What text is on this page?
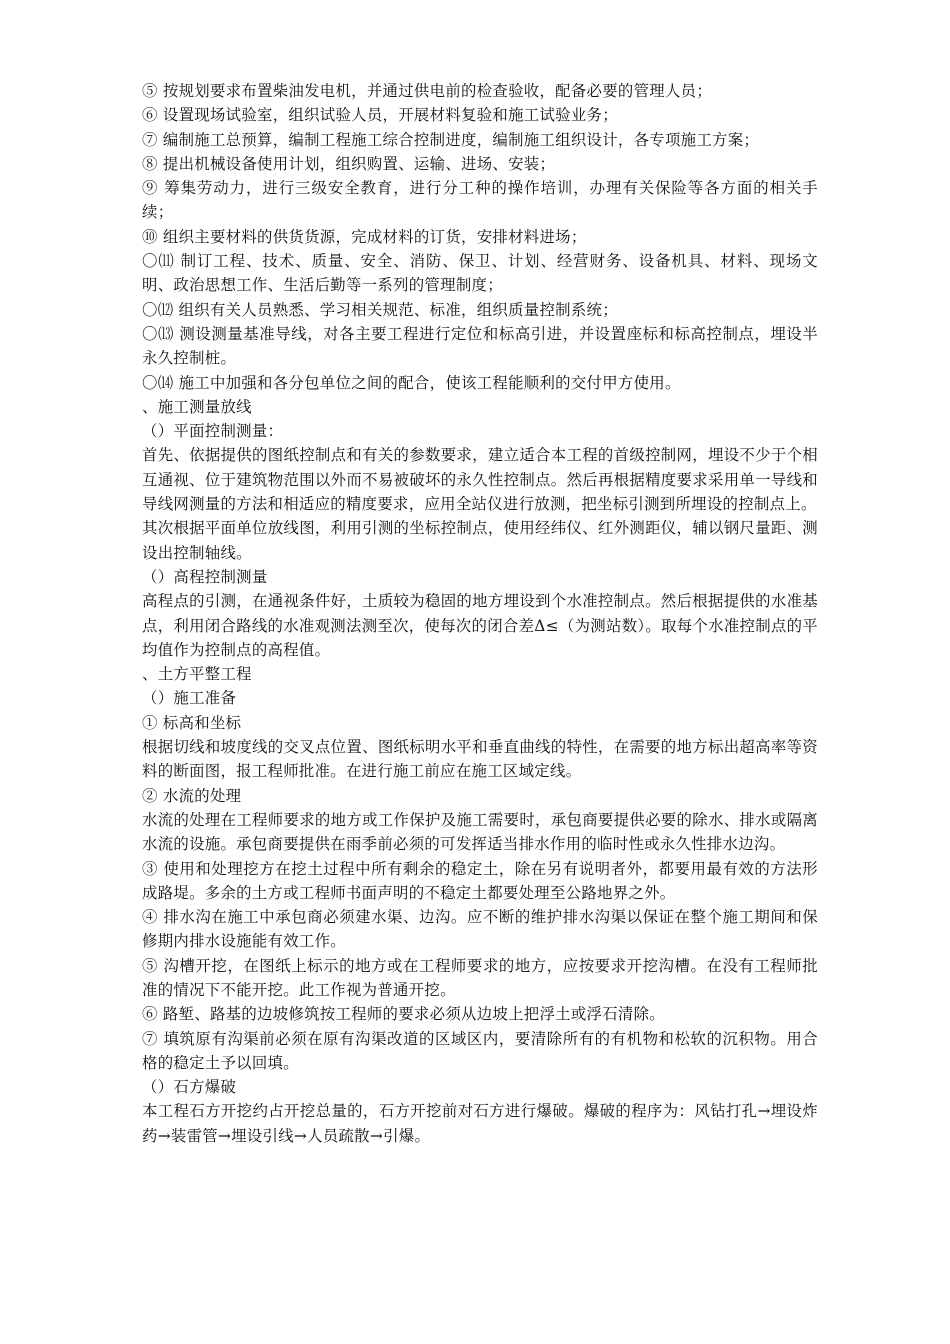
⑤ 按规划要求布置柴油发电机，并通过供电前的检查验收，配备必要的管理人员；

⑥ 设置现场试验室，组织试验人员，开展材料复验和施工试验业务；

⑦ 编制施工总预算，编制工程施工综合控制进度，编制施工组织设计，各专项施工方案；

⑧ 提出机械设备使用计划，组织购置、运输、进场、安装；

⑨ 筹集劳动力，进行三级安全教育，进行分工种的操作培训，办理有关保险等各方面的相关手续；

⑩ 组织主要材料的供货货源，完成材料的订货，安排材料进场；

〇⑾ 制订工程、技术、质量、安全、消防、保卫、计划、经营财务、设备机具、材料、现场文明、政治思想工作、生活后勤等一系列的管理制度；

〇⑿ 组织有关人员熟悉、学习相关规范、标准，组织质量控制系统；

〇⒀ 测设测量基准导线，对各主要工程进行定位和标高引进，并设置座标和标高控制点，埋设半永久控制桩。

〇⒁ 施工中加强和各分包单位之间的配合，使该工程能顺利的交付甲方使用。

、施工测量放线

（）平面控制测量：

首先、依据提供的图纸控制点和有关的参数要求，建立适合本工程的首级控制网，埋设不少于个相互通视、位于建筑物范围以外而不易被破坏的永久性控制点。然后再根据精度要求采用单一导线和导线网测量的方法和相适应的精度要求，应用全站仪进行放测，把坐标引测到所埋设的控制点上。

其次根据平面单位放线图，利用引测的坐标控制点，使用经纬仪、红外测距仪，辅以钢尺量距、测设出控制轴线。

（）高程控制测量

高程点的引测，在通视条件好，土质较为稳固的地方埋设到个水准控制点。然后根据提供的水准基点，利用闭合路线的水准观测法测至次，使每次的闭合差Δ≤（为测站数）。取每个水准控制点的平均值作为控制点的高程值。

、土方平整工程

（）施工准备

① 标高和坐标

根据切线和坡度线的交叉点位置、图纸标明水平和垂直曲线的特性，在需要的地方标出超高率等资料的断面图，报工程师批准。在进行施工前应在施工区域定线。

② 水流的处理

水流的处理在工程师要求的地方或工作保护及施工需要时，承包商要提供必要的除水、排水或隔离水流的设施。承包商要提供在雨季前必须的可发挥适当排水作用的临时性或永久性排水边沟。

③ 使用和处理挖方在挖土过程中所有剩余的稳定土，除在另有说明者外，都要用最有效的方法形成路堤。多余的土方或工程师书面声明的不稳定土都要处理至公路地界之外。

④ 排水沟在施工中承包商必须建水渠、边沟。应不断的维护排水沟渠以保证在整个施工期间和保修期内排水设施能有效工作。

⑤ 沟槽开挖，在图纸上标示的地方或在工程师要求的地方，应按要求开挖沟槽。在没有工程师批准的情况下不能开挖。此工作视为普通开挖。

⑥ 路堑、路基的边坡修筑按工程师的要求必须从边坡上把浮土或浮石清除。

⑦ 填筑原有沟渠前必须在原有沟渠改道的区域区内，要清除所有的有机物和松软的沉积物。用合格的稳定土予以回填。

（）石方爆破

本工程石方开挖约占开挖总量的，石方开挖前对石方进行爆破。爆破的程序为：风钻打孔→埋设炸药→装雷管→埋设引线→人员疏散→引爆。
